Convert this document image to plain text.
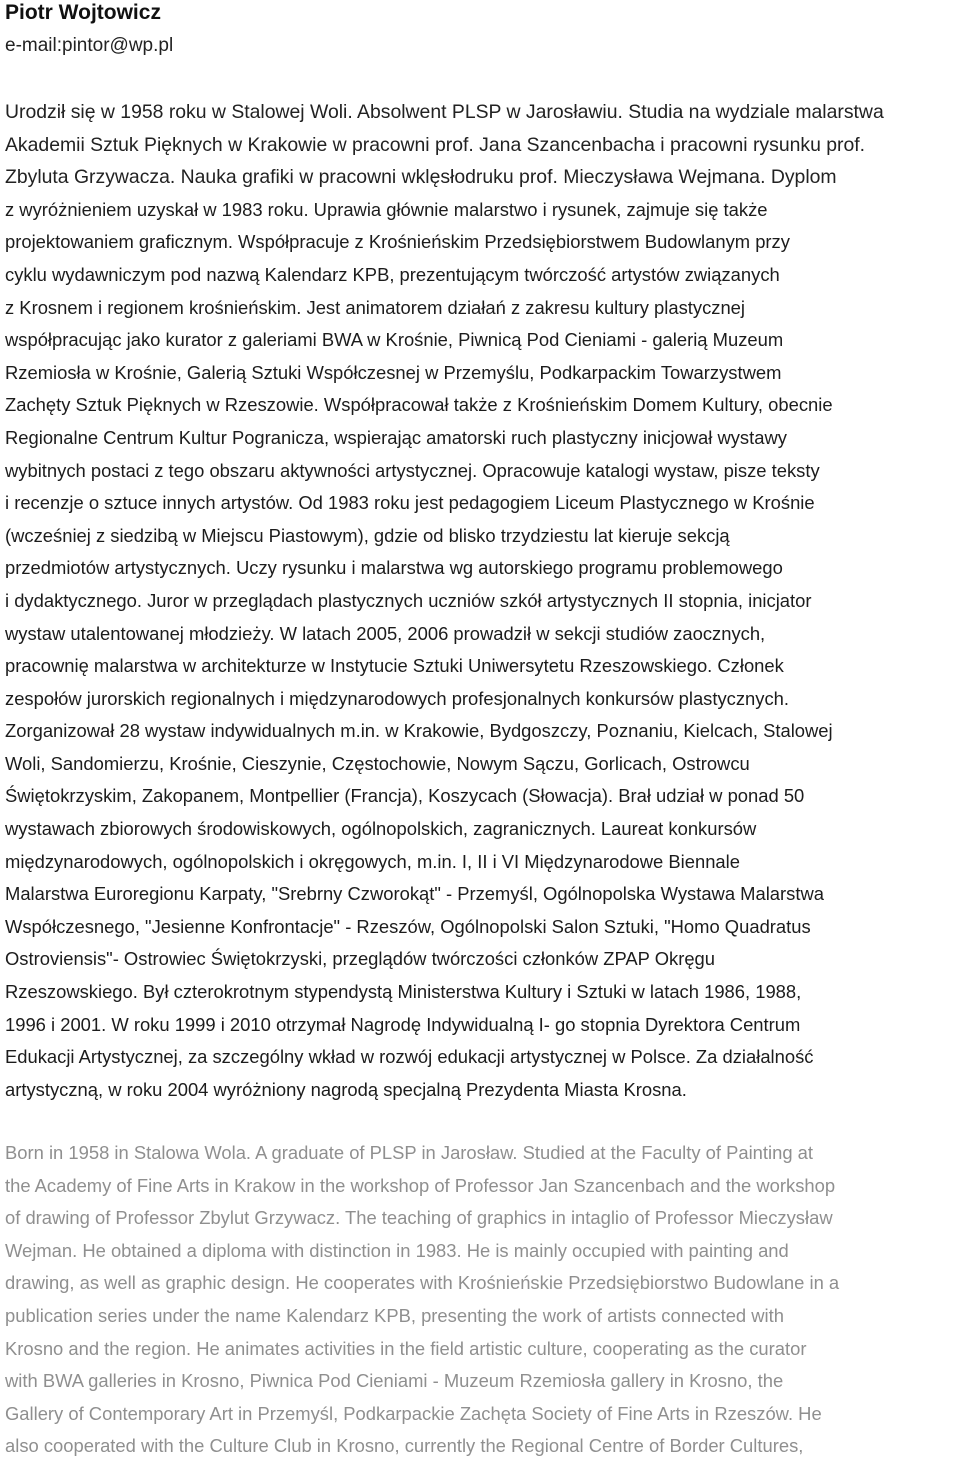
Piotr Wojtowicz
e-mail:pintor@wp.pl
Urodził się w 1958 roku w Stalowej Woli. Absolwent PLSP w Jarosławiu. Studia na wydziale malarstwa
Akademii Sztuk Pięknych w Krakowie w pracowni prof. Jana Szancenbacha i pracowni rysunku prof.
Zbyluta Grzywacza. Nauka grafiki w pracowni wklęsłodruku prof. Mieczysława Wejmana. Dyplom
z wyróżnieniem uzyskał w 1983 roku. Uprawia głównie malarstwo i rysunek, zajmuje się także
projektowaniem graficznym. Współpracuje z Krośnieńskim Przedsiębiorstwem Budowlanym przy
cyklu wydawniczym pod nazwą Kalendarz KPB, prezentującym twórczość artystów związanych
z Krosnem i regionem krośnieńskim. Jest animatorem działań z zakresu kultury plastycznej
współpracując jako kurator z galeriami BWA w Krośnie, Piwnicą Pod Cieniami - galerią Muzeum
Rzemiosła w Krośnie, Galerią Sztuki Współczesnej w Przemyślu, Podkarpackim Towarzystwem
Zachęty Sztuk Pięknych w Rzeszowie. Współpracował także z Krośnieńskim Domem Kultury, obecnie
Regionalne Centrum Kultur Pogranicza, wspierając amatorski ruch plastyczny inicjował wystawy
wybitnych postaci z tego obszaru aktywności artystycznej. Opracowuje katalogi wystaw, pisze teksty
i recenzje o sztuce innych artystów. Od 1983 roku jest pedagogiem Liceum Plastycznego w Krośnie
(wcześniej z siedzibą w Miejscu Piastowym), gdzie od blisko trzydziestu lat kieruje sekcją
przedmiotów artystycznych. Uczy rysunku i malarstwa wg autorskiego programu problemowego
i dydaktycznego. Juror w przeglądach plastycznych uczniów szkół artystycznych II stopnia, inicjator
wystaw utalentowanej młodzieży. W latach 2005, 2006 prowadził w sekcji studiów zaocznych,
pracownię malarstwa w architekturze w Instytucie Sztuki Uniwersytetu Rzeszowskiego. Członek
zespołów jurorskich regionalnych i międzynarodowych profesjonalnych konkursów plastycznych.
Zorganizował 28 wystaw indywidualnych m.in. w Krakowie, Bydgoszczy, Poznaniu, Kielcach, Stalowej
Woli, Sandomierzu, Krośnie, Cieszynie, Częstochowie, Nowym Sączu, Gorlicach, Ostrowcu
Świętokrzyskim, Zakopanem, Montpellier (Francja), Koszycach (Słowacja). Brał udział w ponad 50
wystawach zbiorowych środowiskowych, ogólnopolskich, zagranicznych. Laureat konkursów
międzynarodowych, ogólnopolskich i okręgowych, m.in. I, II i VI Międzynarodowe Biennale
Malarstwa Euroregionu Karpaty, "Srebrny Czworokąt" - Przemyśl, Ogólnopolska Wystawa Malarstwa
Współczesnego, "Jesienne Konfrontacje" - Rzeszów, Ogólnopolski Salon Sztuki, "Homo Quadratus
Ostroviensis"- Ostrowiec Świętokrzyski, przeglądów twórczości członków ZPAP Okręgu
Rzeszowskiego. Był czterokrotnym stypendystą Ministerstwa Kultury i Sztuki w latach 1986, 1988,
1996 i 2001. W roku 1999 i 2010 otrzymał Nagrodę Indywidualną I- go stopnia Dyrektora Centrum
Edukacji Artystycznej, za szczególny wkład w rozwój edukacji artystycznej w Polsce. Za działalność
artystyczną, w roku 2004 wyróżniony nagrodą specjalną Prezydenta Miasta Krosna.
Born in 1958 in Stalowa Wola. A graduate of PLSP in Jarosław. Studied at the Faculty of Painting at
the Academy of Fine Arts in Krakow in the workshop of Professor Jan Szancenbach and the workshop
of drawing of Professor Zbylut Grzywacz. The teaching of graphics in intaglio of Professor Mieczysław
Wejman. He obtained a diploma with distinction in 1983. He is mainly occupied with painting and
drawing, as well as graphic design. He cooperates with Krośnieńskie Przedsiębiorstwo Budowlane in a
publication series under the name Kalendarz KPB, presenting the work of artists connected with
Krosno and the region. He animates activities in the field artistic culture, cooperating as the curator
with BWA galleries in Krosno, Piwnica Pod Cieniami - Muzeum Rzemiosła gallery in Krosno, the
Gallery of Contemporary Art in Przemyśl, Podkarpackie Zachęta Society of Fine Arts in Rzeszów. He
also cooperated with the Culture Club in Krosno, currently the Regional Centre of Border Cultures,
